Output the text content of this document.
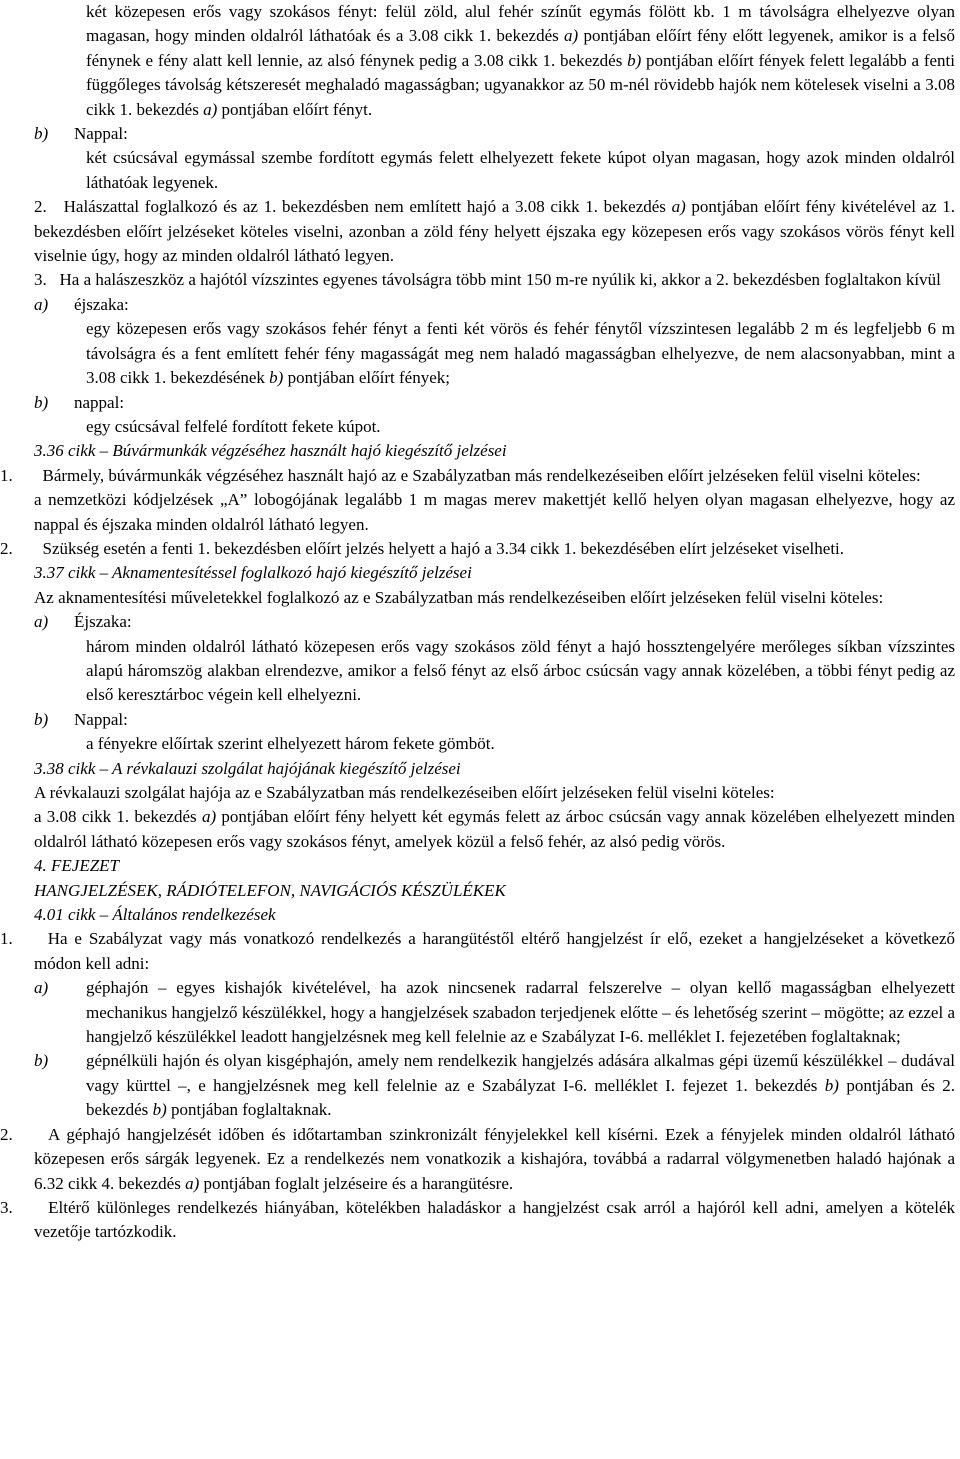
két közepesen erős vagy szokásos fényt: felül zöld, alul fehér színűt egymás fölött kb. 1 m távolságra elhelyezve olyan magasan, hogy minden oldalról láthatóak és a 3.08 cikk 1. bekezdés a) pontjában előírt fény előtt legyenek, amikor is a felső fénynek e fény alatt kell lennie, az alsó fénynek pedig a 3.08 cikk 1. bekezdés b) pontjában előírt fények felett legalább a fenti függőleges távolság kétszeresét meghaladó magasságban; ugyanakkor az 50 m-nél rövidebb hajók nem kötelesek viselni a 3.08 cikk 1. bekezdés a) pontjában előírt fényt.

b) Nappal:

két csúcsával egymással szembe fordított egymás felett elhelyezett fekete kúpot olyan magasan, hogy azok minden oldalról láthatóak legyenek.

2. Halászattal foglalkozó és az 1. bekezdésben nem említett hajó a 3.08 cikk 1. bekezdés a) pontjában előírt fény kivételével az 1. bekezdésben előírt jelzéseket köteles viselni, azonban a zöld fény helyett éjszaka egy közepesen erős vagy szokásos vörös fényt kell viselnie úgy, hogy az minden oldalról látható legyen.

3. Ha a halászeszköz a hajótól vízszintes egyenes távolságra több mint 150 m-re nyúlik ki, akkor a 2. bekezdésben foglaltakon kívül

a) éjszaka:

egy közepesen erős vagy szokásos fehér fényt a fenti két vörös és fehér fénytől vízszintesen legalább 2 m és legfeljebb 6 m távolságra és a fent említett fehér fény magasságát meg nem haladó magasságban elhelyezve, de nem alacsonyabban, mint a 3.08 cikk 1. bekezdésének b) pontjában előírt fények;

b) nappal:

egy csúcsával felfelé fordított fekete kúpot.

3.36 cikk – Búvármunkák végzéséhez használt hajó kiegészítő jelzései

1. Bármely, búvármunkák végzéséhez használt hajó az e Szabályzatban más rendelkezéseiben előírt jelzéseken felül viselni köteles:

a nemzetközi kódjelzések „A” lobogójának legalább 1 m magas merev makettjét kellő helyen olyan magasan elhelyezve, hogy az nappal és éjszaka minden oldalról látható legyen.

2. Szükség esetén a fenti 1. bekezdésben előírt jelzés helyett a hajó a 3.34 cikk 1. bekezdésében elírt jelzéseket viselheti.

3.37 cikk – Aknamentesítéssel foglalkozó hajó kiegészítő jelzései

Az aknamentesítési műveletekkel foglalkozó az e Szabályzatban más rendelkezéseiben előírt jelzéseken felül viselni köteles:

a) Éjszaka:

három minden oldalról látható közepesen erős vagy szokásos zöld fényt a hajó hossztengelyére merőleges síkban vízszintes alapú háromszög alakban elrendezve, amikor a felső fényt az első árboc csúcsán vagy annak közelében, a többi fényt pedig az első keresztárboc végein kell elhelyezni.

b) Nappal:

a fényekre előírtak szerint elhelyezett három fekete gömböt.

3.38 cikk – A révkalauzi szolgálat hajójának kiegészítő jelzései

A révkalauzi szolgálat hajója az e Szabályzatban más rendelkezéseiben előírt jelzéseken felül viselni köteles:

a 3.08 cikk 1. bekezdés a) pontjában előírt fény helyett két egymás felett az árboc csúcsán vagy annak közelében elhelyezett minden oldalról látható közepesen erős vagy szokásos fényt, amelyek közül a felső fehér, az alsó pedig vörös.

4. FEJEZET

HANGJELZÉSEK, RÁDIÓTELEFON, NAVIGÁCIÓS KÉSZÜLÉKEK

4.01 cikk – Általános rendelkezések

1. Ha e Szabályzat vagy más vonatkozó rendelkezés a harangütéstől eltérő hangjelzést ír elő, ezeket a hangjelzéseket a következő módon kell adni:

a) géphajón – egyes kishajók kivételével, ha azok nincsenek radarral felszerelve – olyan kellő magasságban elhelyezett mechanikus hangjelző készülékkel, hogy a hangjelzések szabadon terjedjenek előtte – és lehetőség szerint – mögötte; az ezzel a hangjelző készülékkel leadott hangjelzésnek meg kell felelnie az e Szabályzat I-6. melléklet I. fejezetében foglaltaknak;

b) gépnélküli hajón és olyan kisgéphajón, amely nem rendelkezik hangjelzés adására alkalmas gépi üzemű készülékkel – dudával vagy kürttel –, e hangjelzésnek meg kell felelnie az e Szabályzat I-6. melléklet I. fejezet 1. bekezdés b) pontjában és 2. bekezdés b) pontjában foglaltaknak.

2. A géphajó hangjelzését időben és időtartamban szinkronizált fényjelekkel kell kísérni. Ezek a fényjelek minden oldalról látható közepesen erős sárgák legyenek. Ez a rendelkezés nem vonatkozik a kishajóra, továbbá a radarral völgymenetben haladó hajónak a 6.32 cikk 4. bekezdés a) pontjában foglalt jelzéseire és a harangütésre.

3. Eltérő különleges rendelkezés hiányában, kötelékben haladáskor a hangjelzést csak arról a hajóról kell adni, amelyen a kötelék vezetője tartózkodik.
